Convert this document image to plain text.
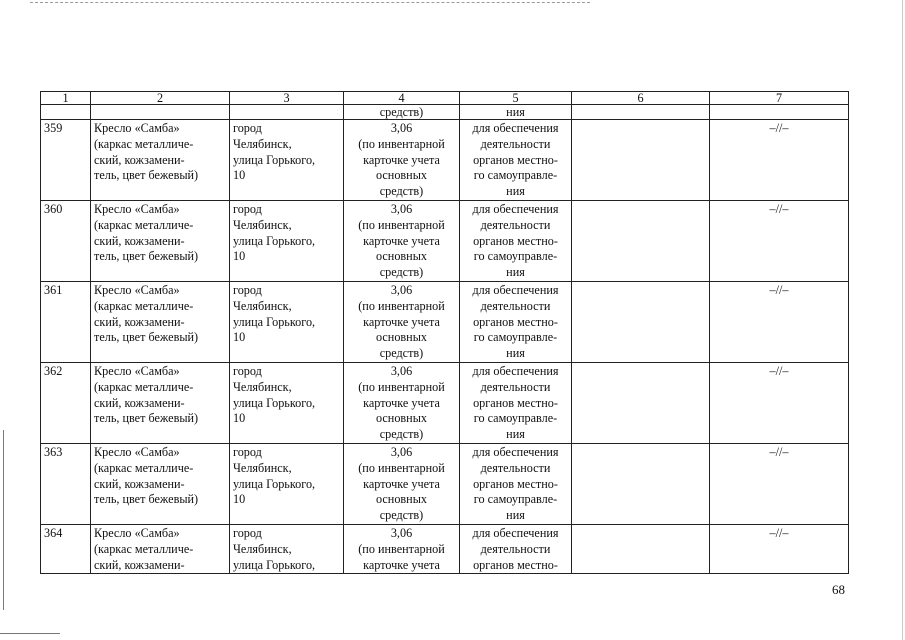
1	2	3	4	5	6	7
			средств)	ния		
359	Кресло «Самба»
(каркас металличе-
ский, кожзамени-
тель, цвет бежевый)	город
Челябинск,
улица Горького,
10	3,06
(по инвентарной
карточке учета
основных
средств)	для обеспечения
деятельности
органов местно-
го самоуправле-
ния		–//–
360	Кресло «Самба»
(каркас металличе-
ский, кожзамени-
тель, цвет бежевый)	город
Челябинск,
улица Горького,
10	3,06
(по инвентарной
карточке учета
основных
средств)	для обеспечения
деятельности
органов местно-
го самоуправле-
ния		–//–
361	Кресло «Самба»
(каркас металличе-
ский, кожзамени-
тель, цвет бежевый)	город
Челябинск,
улица Горького,
10	3,06
(по инвентарной
карточке учета
основных
средств)	для обеспечения
деятельности
органов местно-
го самоуправле-
ния		–//–
362	Кресло «Самба»
(каркас металличе-
ский, кожзамени-
тель, цвет бежевый)	город
Челябинск,
улица Горького,
10	3,06
(по инвентарной
карточке учета
основных
средств)	для обеспечения
деятельности
органов местно-
го самоуправле-
ния		–//–
363	Кресло «Самба»
(каркас металличе-
ский, кожзамени-
тель, цвет бежевый)	город
Челябинск,
улица Горького,
10	3,06
(по инвентарной
карточке учета
основных
средств)	для обеспечения
деятельности
органов местно-
го самоуправле-
ния		–//–
364	Кресло «Самба»
(каркас металличе-
ский, кожзамени-	город
Челябинск,
улица Горького,	3,06
(по инвентарной
карточке учета	для обеспечения
деятельности
органов местно-		–//–
68
